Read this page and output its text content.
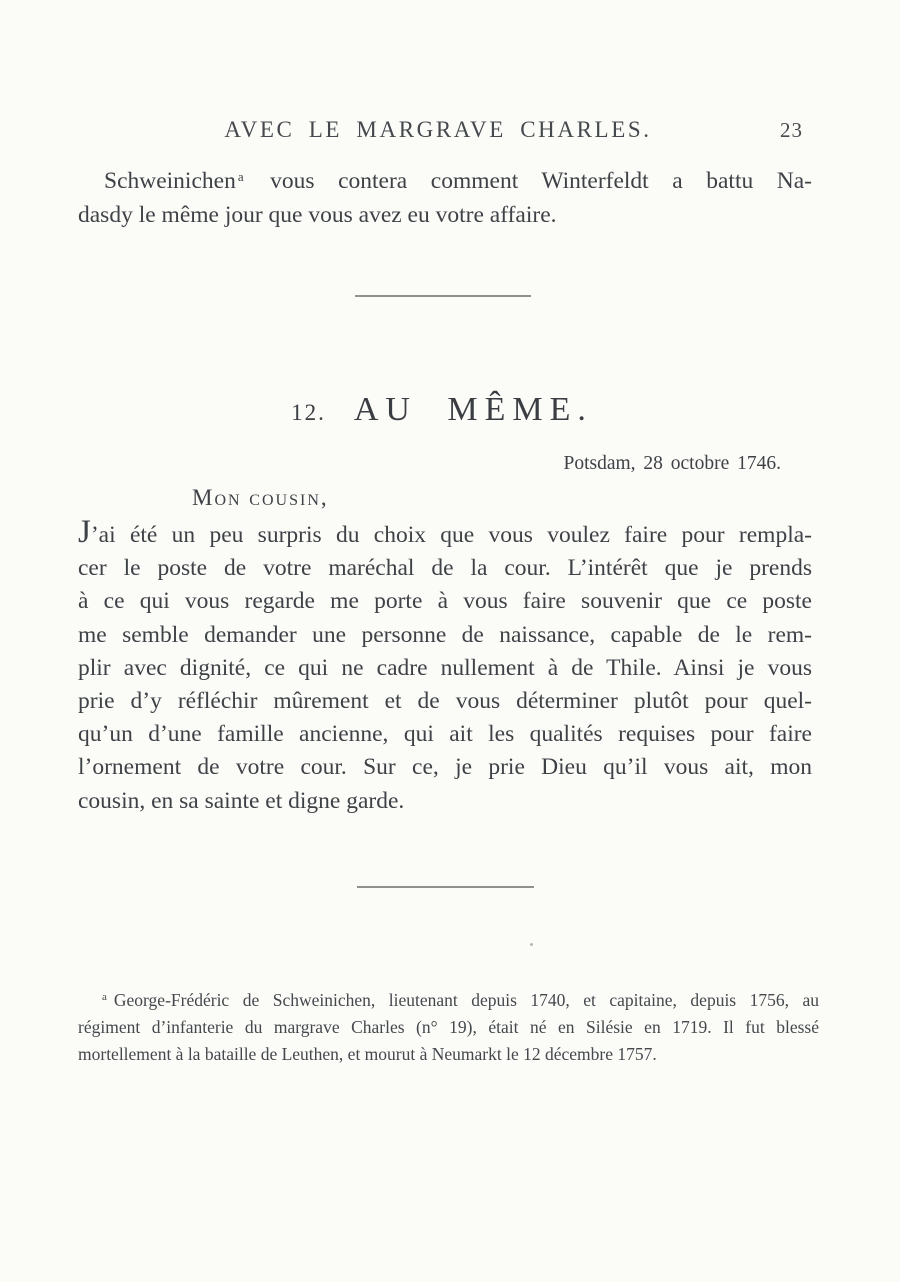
AVEC LE MARGRAVE CHARLES.	23
Schweinichen $^a$ vous contera comment Winterfeldt a battu Na-
dasdy le même jour que vous avez eu votre affaire.
12. AU MÊME.
Potsdam, 28 octobre 1746.
Mon cousin,
J’ai été un peu surpris du choix que vous voulez faire pour rempla-
cer le poste de votre maréchal de la cour. L’intérêt que je prends
à ce qui vous regarde me porte à vous faire souvenir que ce poste
me semble demander une personne de naissance, capable de le rem-
plir avec dignité, ce qui ne cadre nullement à de Thile. Ainsi je vous
prie d’y réfléchir mûrement et de vous déterminer plutôt pour quel-
qu’un d’une famille ancienne, qui ait les qualités requises pour faire
l’ornement de votre cour. Sur ce, je prie Dieu qu’il vous ait, mon
cousin, en sa sainte et digne garde.
$^a$ George-Frédéric de Schweinichen, lieutenant depuis 1740, et capitaine, depuis 1756, au
régiment d’infanterie du margrave Charles (n° 19), était né en Silésie en 1719. Il fut blessé
mortellement à la bataille de Leuthen, et mourut à Neumarkt le 12 décembre 1757.
